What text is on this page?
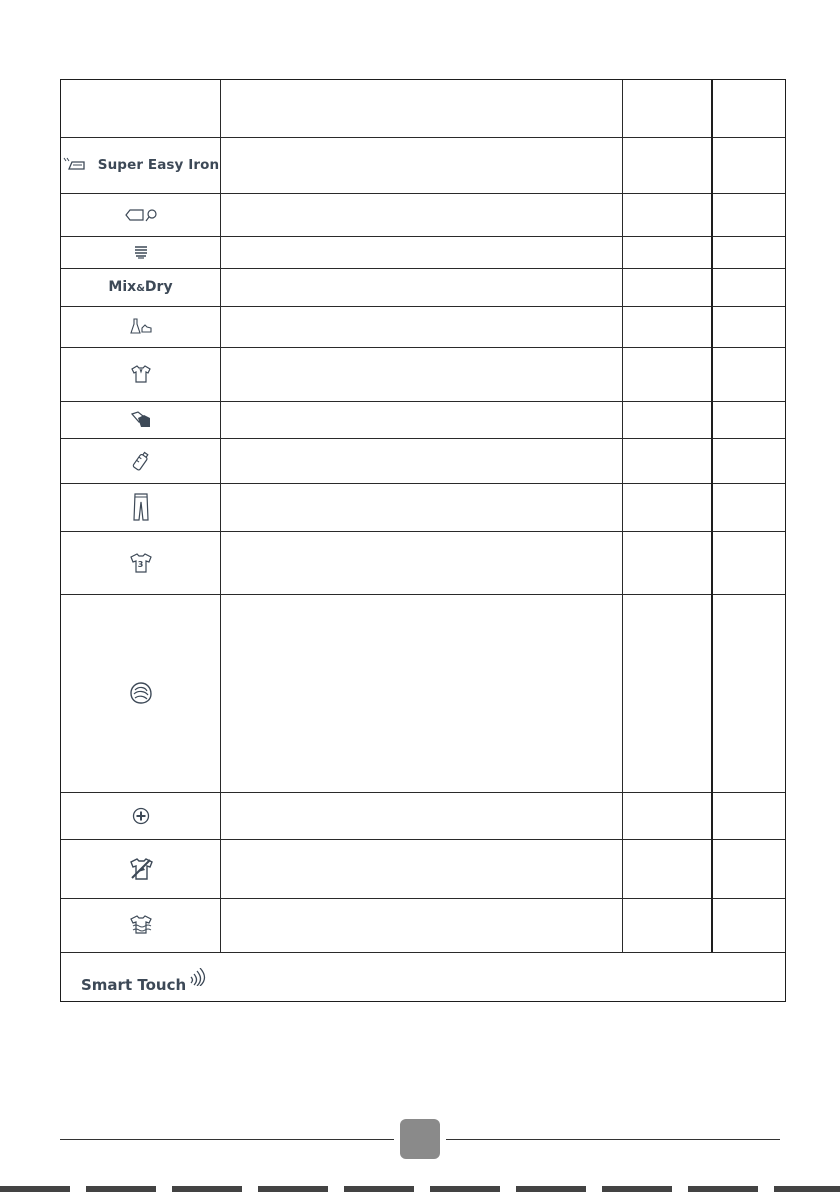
Super Easy Iron
Mix&Dry
3
Smart Touch
